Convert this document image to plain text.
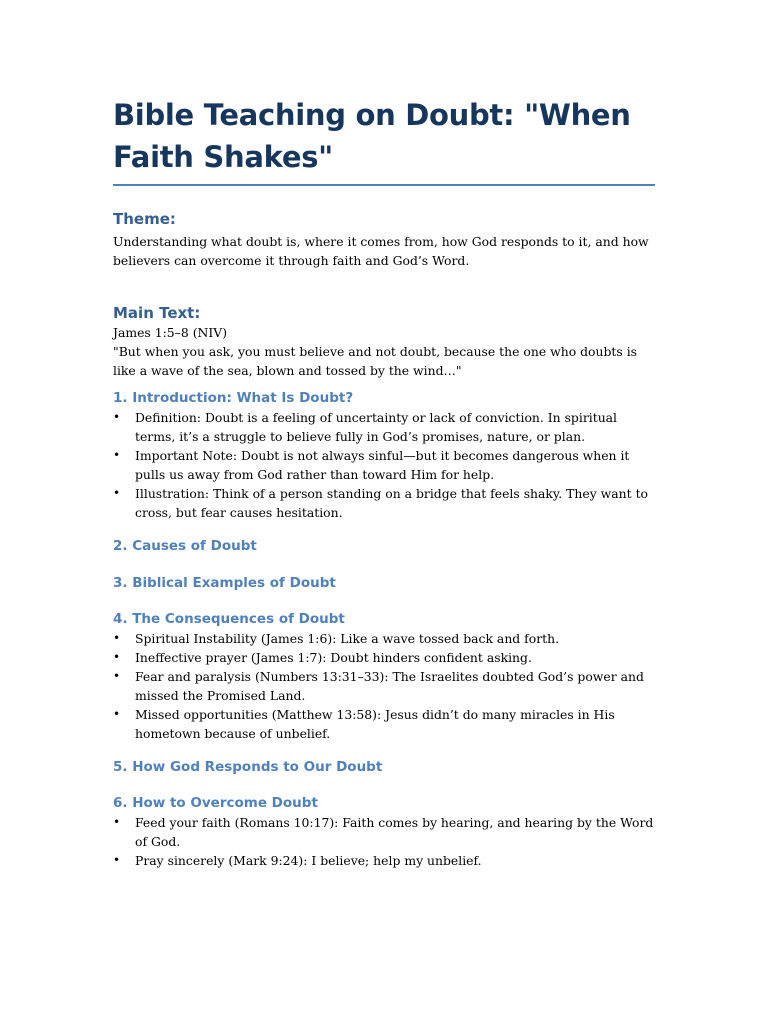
Bible Teaching on Doubt: "When Faith Shakes"
Theme:

Understanding what doubt is, where it comes from, how God responds to it, and how believers can overcome it through faith and God’s Word.

Main Text:

James 1:5–8 (NIV)

"But when you ask, you must believe and not doubt, because the one who doubts is like a wave of the sea, blown and tossed by the wind…"

1. Introduction: What Is Doubt?
• Definition: Doubt is a feeling of uncertainty or lack of conviction. In spiritual terms, it’s a struggle to believe fully in God’s promises, nature, or plan.
• Important Note: Doubt is not always sinful—but it becomes dangerous when it pulls us away from God rather than toward Him for help.
• Illustration: Think of a person standing on a bridge that feels shaky. They want to cross, but fear causes hesitation.
2. Causes of Doubt
3. Biblical Examples of Doubt
4. The Consequences of Doubt
• Spiritual Instability (James 1:6): Like a wave tossed back and forth.
• Ineffective prayer (James 1:7): Doubt hinders confident asking.
• Fear and paralysis (Numbers 13:31–33): The Israelites doubted God’s power and missed the Promised Land.
• Missed opportunities (Matthew 13:58): Jesus didn’t do many miracles in His hometown because of unbelief.
5. How God Responds to Our Doubt
6. How to Overcome Doubt
• Feed your faith (Romans 10:17): Faith comes by hearing, and hearing by the Word of God.
• Pray sincerely (Mark 9:24): I believe; help my unbelief.
